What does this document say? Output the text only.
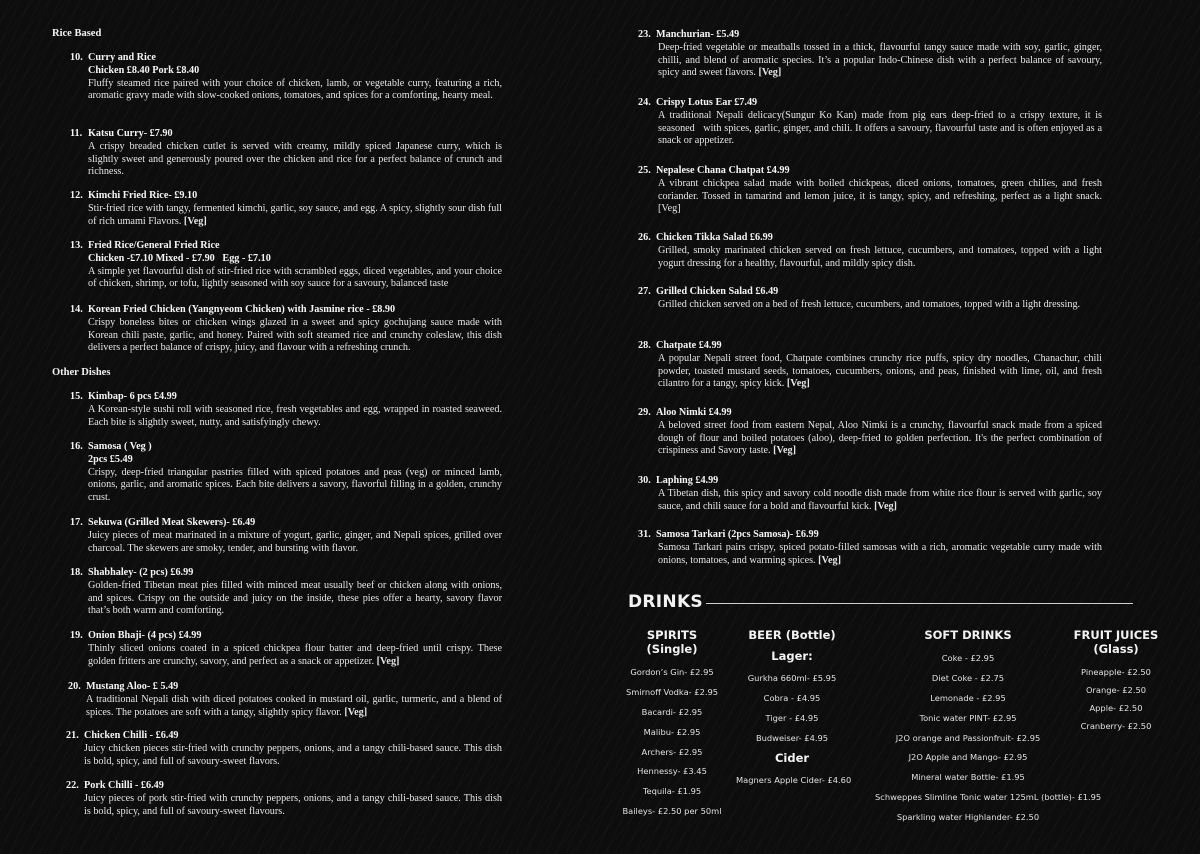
Rice Based
10. Curry and Rice
Chicken £8.40 Pork £8.40
Fluffy steamed rice paired with your choice of chicken, lamb, or vegetable curry, featuring a rich, aromatic gravy made with slow-cooked onions, tomatoes, and spices for a comforting, hearty meal.
11. Katsu Curry- £7.90
A crispy breaded chicken cutlet is served with creamy, mildly spiced Japanese curry, which is slightly sweet and generously poured over the chicken and rice for a perfect balance of crunch and richness.
12. Kimchi Fried Rice- £9.10
Stir-fried rice with tangy, fermented kimchi, garlic, soy sauce, and egg. A spicy, slightly sour dish full of rich umami Flavors. [Veg]
13. Fried Rice/General Fried Rice
Chicken -£7.10 Mixed - £7.90   Egg - £7.10
A simple yet flavourful dish of stir-fried rice with scrambled eggs, diced vegetables, and your choice of chicken, shrimp, or tofu, lightly seasoned with soy sauce for a savoury, balanced taste
14. Korean Fried Chicken (Yangnyeom Chicken) with Jasmine rice - £8.90
Crispy boneless bites or chicken wings glazed in a sweet and spicy gochujang sauce made with Korean chili paste, garlic, and honey. Paired with soft steamed rice and crunchy coleslaw, this dish delivers a perfect balance of crispy, juicy, and flavour with a refreshing crunch.
Other Dishes
15. Kimbap- 6 pcs £4.99
A Korean-style sushi roll with seasoned rice, fresh vegetables and egg, wrapped in roasted seaweed. Each bite is slightly sweet, nutty, and satisfyingly chewy.
16. Samosa ( Veg )
2pcs £5.49
Crispy, deep-fried triangular pastries filled with spiced potatoes and peas (veg) or minced lamb, onions, garlic, and aromatic spices. Each bite delivers a savory, flavorful filling in a golden, crunchy crust.
17. Sekuwa (Grilled Meat Skewers)- £6.49
Juicy pieces of meat marinated in a mixture of yogurt, garlic, ginger, and Nepali spices, grilled over charcoal. The skewers are smoky, tender, and bursting with flavor.
18. Shabhaley- (2 pcs) £6.99
Golden-fried Tibetan meat pies filled with minced meat usually beef or chicken along with onions, and spices. Crispy on the outside and juicy on the inside, these pies offer a hearty, savory flavor that’s both warm and comforting.
19. Onion Bhaji- (4 pcs) £4.99
Thinly sliced onions coated in a spiced chickpea flour batter and deep-fried until crispy. These golden fritters are crunchy, savory, and perfect as a snack or appetizer. [Veg]
20. Mustang Aloo- £ 5.49
A traditional Nepali dish with diced potatoes cooked in mustard oil, garlic, turmeric, and a blend of spices. The potatoes are soft with a tangy, slightly spicy flavor. [Veg]
21. Chicken Chilli - £6.49
Juicy chicken pieces stir-fried with crunchy peppers, onions, and a tangy chili-based sauce. This dish is bold, spicy, and full of savoury-sweet flavors.
22. Pork Chilli - £6.49
Juicy pieces of pork stir-fried with crunchy peppers, onions, and a tangy chili-based sauce. This dish is bold, spicy, and full of savoury-sweet flavours.
23. Manchurian- £5.49
Deep-fried vegetable or meatballs tossed in a thick, flavourful tangy sauce made with soy, garlic, ginger, chilli, and blend of aromatic species. It’s a popular Indo-Chinese dish with a perfect balance of savoury, spicy and sweet flavors. [Veg]
24. Crispy Lotus Ear £7.49
A traditional Nepali delicacy(Sungur Ko Kan) made from pig ears deep-fried to a crispy texture, it is seasoned   with spices, garlic, ginger, and chili. It offers a savoury, flavourful taste and is often enjoyed as a snack or appetizer.
25. Nepalese Chana Chatpat £4.99
A vibrant chickpea salad made with boiled chickpeas, diced onions, tomatoes, green chilies, and fresh coriander. Tossed in tamarind and lemon juice, it is tangy, spicy, and refreshing, perfect as a light snack. [Veg]
26. Chicken Tikka Salad £6.99
Grilled, smoky marinated chicken served on fresh lettuce, cucumbers, and tomatoes, topped with a light yogurt dressing for a healthy, flavourful, and mildly spicy dish.
27. Grilled Chicken Salad £6.49
Grilled chicken served on a bed of fresh lettuce, cucumbers, and tomatoes, topped with a light dressing.
28. Chatpate £4.99
A popular Nepali street food, Chatpate combines crunchy rice puffs, spicy dry noodles, Chanachur, chili powder, toasted mustard seeds, tomatoes, cucumbers, onions, and peas, finished with lime, oil, and fresh cilantro for a tangy, spicy kick. [Veg]
29. Aloo Nimki £4.99
A beloved street food from eastern Nepal, Aloo Nimki is a crunchy, flavourful snack made from a spiced dough of flour and boiled potatoes (aloo), deep-fried to golden perfection. It's the perfect combination of crispiness and Savory taste. [Veg]
30. Laphing £4.99
A Tibetan dish, this spicy and savory cold noodle dish made from white rice flour is served with garlic, soy sauce, and chili sauce for a bold and flavourful kick. [Veg]
31. Samosa Tarkari (2pcs Samosa)- £6.99
Samosa Tarkari pairs crispy, spiced potato-filled samosas with a rich, aromatic vegetable curry made with onions, tomatoes, and warming spices. [Veg]
DRINKS
SPIRITS (Single)
Gordon’s Gin- £2.95
Smirnoff Vodka- £2.95
Bacardi- £2.95
Malibu- £2.95
Archers- £2.95
Hennessy- £3.45
Tequila- £1.95
Baileys- £2.50 per 50ml
BEER (Bottle)
Lager:
Gurkha 660ml- £5.95
Cobra - £4.95
Tiger - £4.95
Budweiser- £4.95
Cider
Magners Apple Cider- £4.60
SOFT DRINKS
Coke - £2.95
Diet Coke - £2.75
Lemonade - £2.95
Tonic water PINT- £2.95
J2O orange and Passionfruit- £2.95
J2O Apple and Mango- £2.95
Mineral water Bottle- £1.95
Schweppes Slimline Tonic water 125mL (bottle)- £1.95
Sparkling water Highlander- £2.50
FRUIT JUICES (Glass)
Pineapple- £2.50
Orange- £2.50
Apple- £2.50
Cranberry- £2.50
